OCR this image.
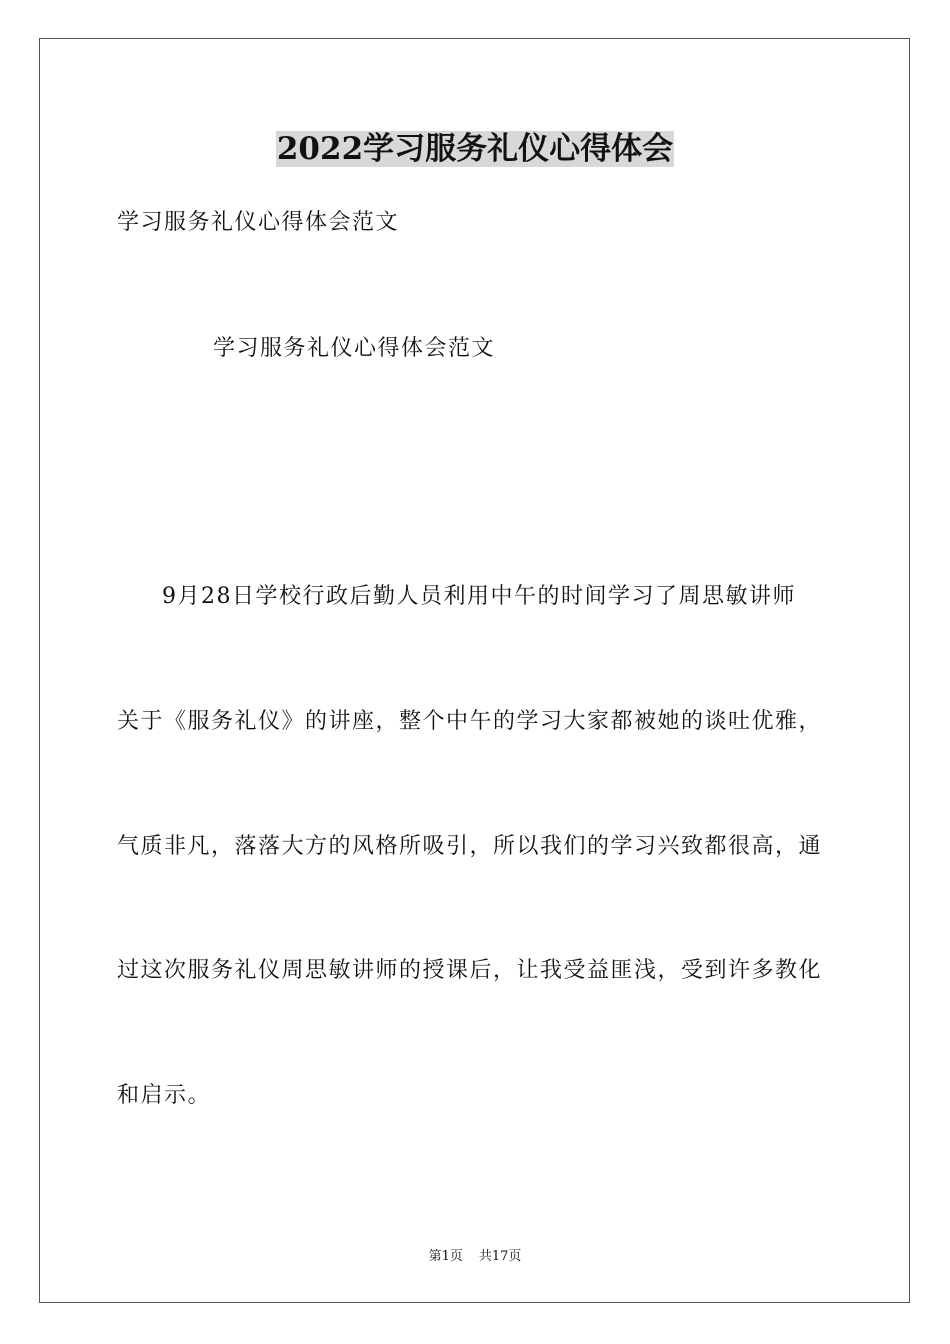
2022学习服务礼仪心得体会
学习服务礼仪心得体会范文
学习服务礼仪心得体会范文
9月28日学校行政后勤人员利用中午的时间学习了周思敏讲师
关于《服务礼仪》的讲座，整个中午的学习大家都被她的谈吐优雅，
气质非凡，落落大方的风格所吸引，所以我们的学习兴致都很高，通
过这次服务礼仪周思敏讲师的授课后，让我受益匪浅，受到许多教化
和启示。
第1页 共17页
